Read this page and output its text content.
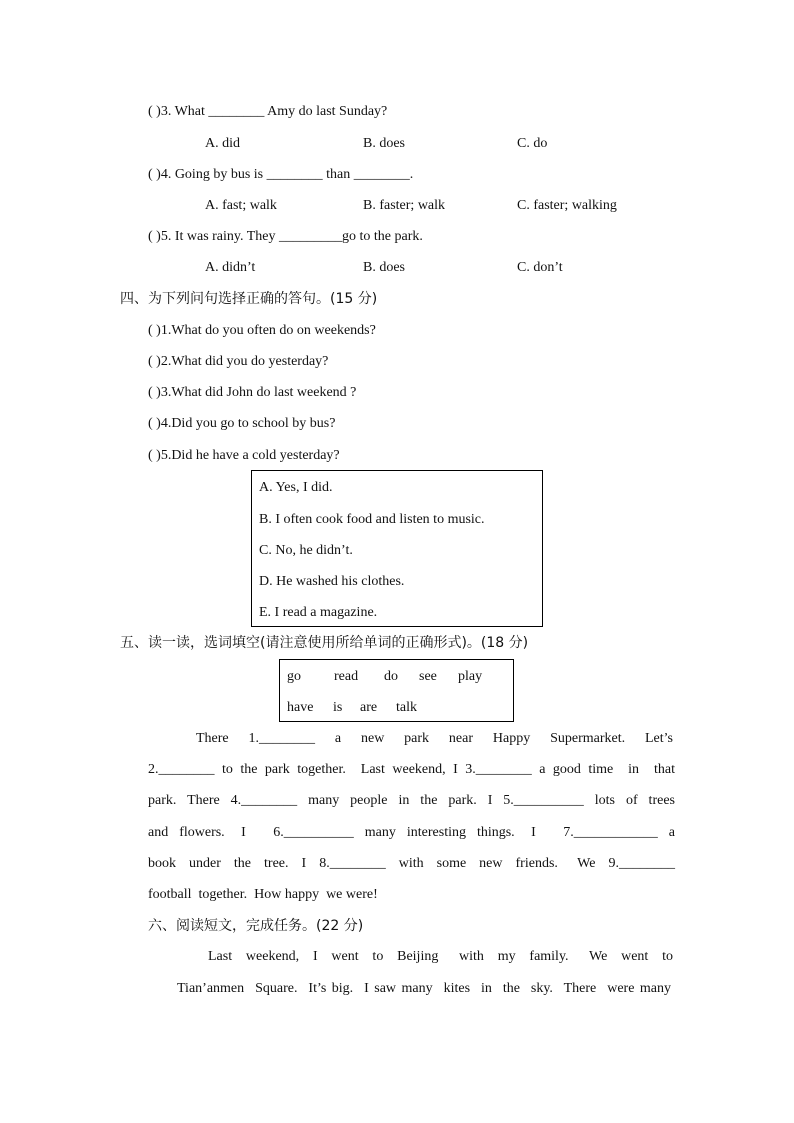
( )3. What ________ Amy do last Sunday?
A. did	B. does	C. do
( )4. Going by bus is ________ than ________.
A. fast; walk	B. faster; walk	C. faster; walking
( )5. It was rainy. They _________go to the park.
A. didn’t	B. does	C. don’t
四、为下列问句选择正确的答句。(15 分)
( )1.What do you often do on weekends?
( )2.What did you do yesterday?
( )3.What did John do last weekend ?
( )4.Did you go to school by bus?
( )5.Did he have a cold yesterday?
A. Yes, I did.
B. I often cook food and listen to music.
C. No, he didn’t.
D. He washed his clothes.
E. I read a magazine.
五、读一读，选词填空(请注意使用所给单词的正确形式)。(18 分)
go read do see play
have is are talk
There    1.________    a    new    park    near    Happy    Supermarket.    Let’s
2.________ to the park together.  Last weekend, I 3.________ a good time  in  that
park.  There  4.________  many  people  in  the  park.  I  5.__________  lots  of  trees
and  flowers.   I     6.__________  many  interesting  things.   I     7.____________  a
book  under  the  tree.  I  8.________  with  some  new  friends.   We  9.________
football  together.  How happy  we were!
六、阅读短文，完成任务。(22 分)
Last  weekend,  I  went  to  Beijing   with  my  family.   We  went  to
Tian’anmen  Square.  It’s big.  I saw many  kites  in  the  sky.  There  were many
